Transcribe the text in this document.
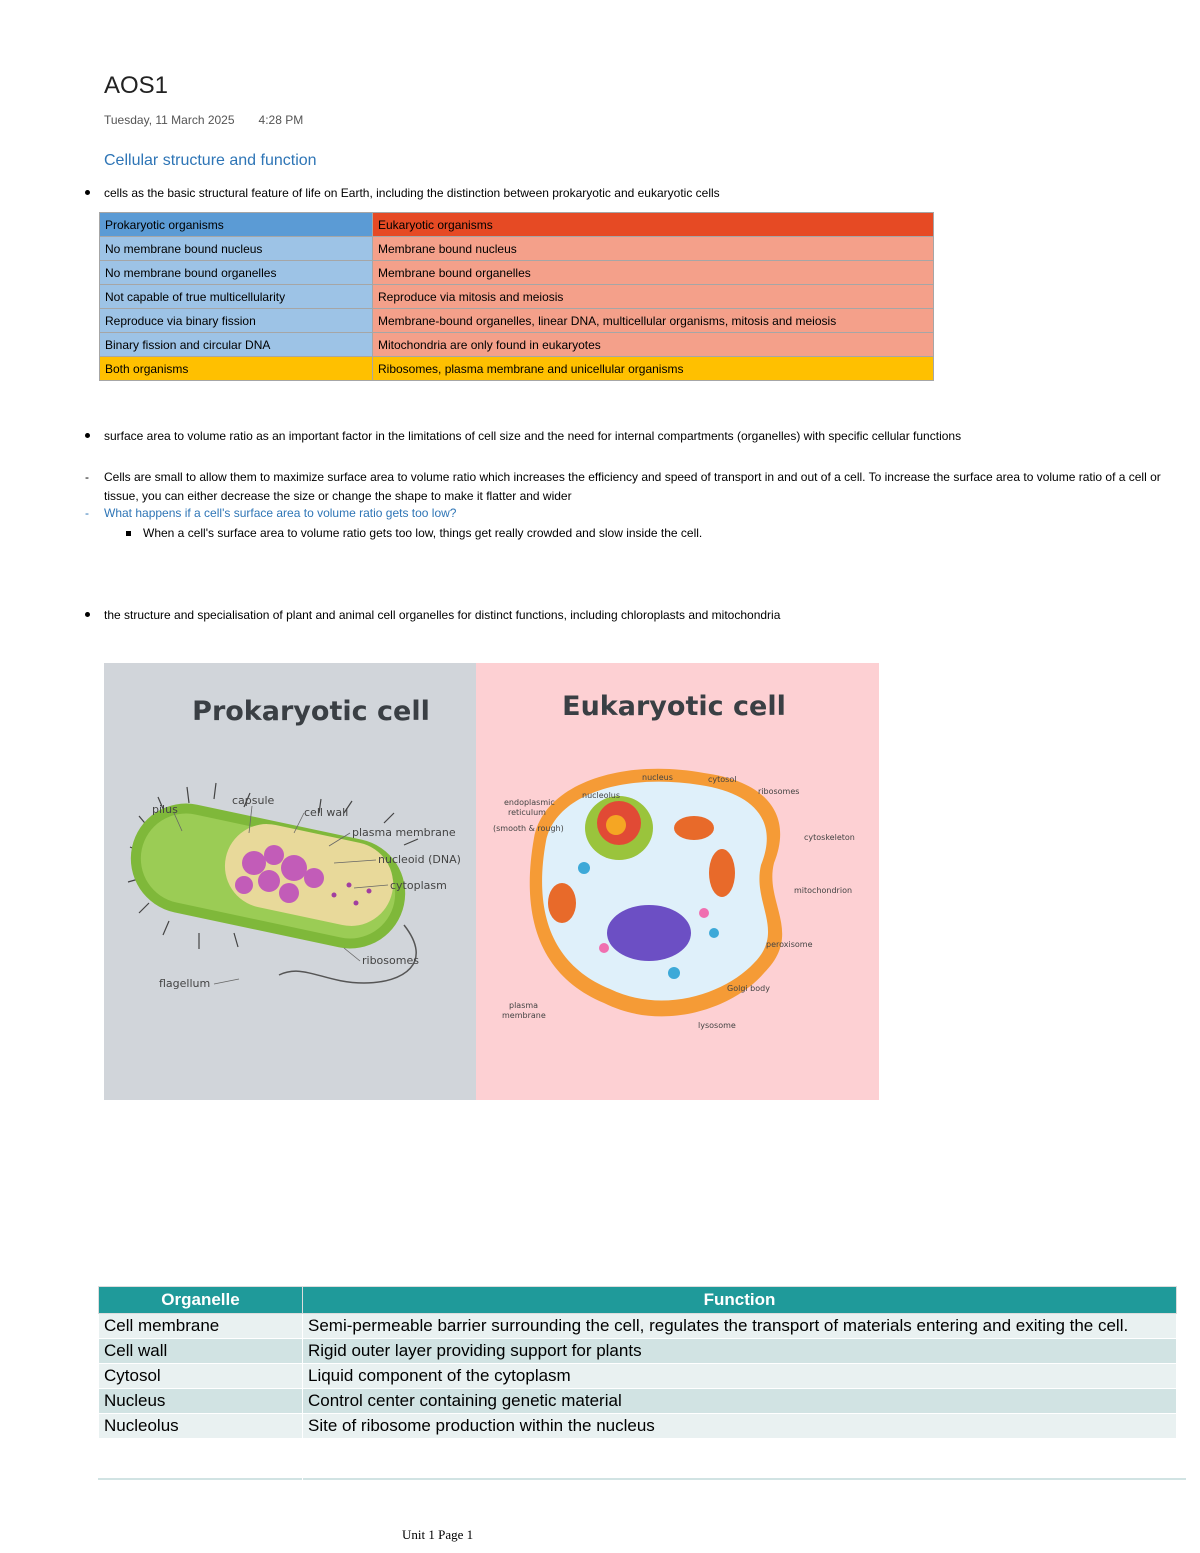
AOS1
Tuesday, 11 March 2025 4:28 PM
Cellular structure and function
cells as the basic structural feature of life on Earth, including the distinction between prokaryotic and eukaryotic cells
Prokaryotic organisms	Eukaryotic organisms
No membrane bound nucleus	Membrane bound nucleus
No membrane bound organelles	Membrane bound organelles
Not capable of true multicellularity	Reproduce via mitosis and meiosis
Reproduce via binary fission	Membrane-bound organelles, linear DNA, multicellular organisms, mitosis and meiosis
Binary fission and circular DNA	Mitochondria are only found in eukaryotes
Both organisms	Ribosomes, plasma membrane and unicellular organisms
surface area to volume ratio as an important factor in the limitations of cell size and the need for internal compartments (organelles) with specific cellular functions
- Cells are small to allow them to maximize surface area to volume ratio which increases the efficiency and speed of transport in and out of a cell. To increase the surface area to volume ratio of a cell or tissue, you can either decrease the size or change the shape to make it flatter and wider
- What happens if a cell's surface area to volume ratio gets too low?
When a cell's surface area to volume ratio gets too low, things get really crowded and slow inside the cell.
the structure and specialisation of plant and animal cell organelles for distinct functions, including chloroplasts and mitochondria
Prokaryotic cell	Eukaryotic cell
pilus
capsule
cell wall
plasma membrane
nucleoid (DNA)
cytoplasm
ribosomes
flagellum
nucleus	cytosol
ribosomes
nucleolus
endoplasmic
reticulum
(smooth & rough)
cytoskeleton
mitochondrion
peroxisome
Golgi body
plasma
membrane
lysosome
Organelle	Function
Cell membrane	Semi-permeable barrier surrounding the cell, regulates the transport of materials entering and exiting the cell.
Cell wall	Rigid outer layer providing support for plants
Cytosol	Liquid component of the cytoplasm
Nucleus	Control center containing genetic material
Nucleolus	Site of ribosome production within the nucleus
Unit 1 Page 1
